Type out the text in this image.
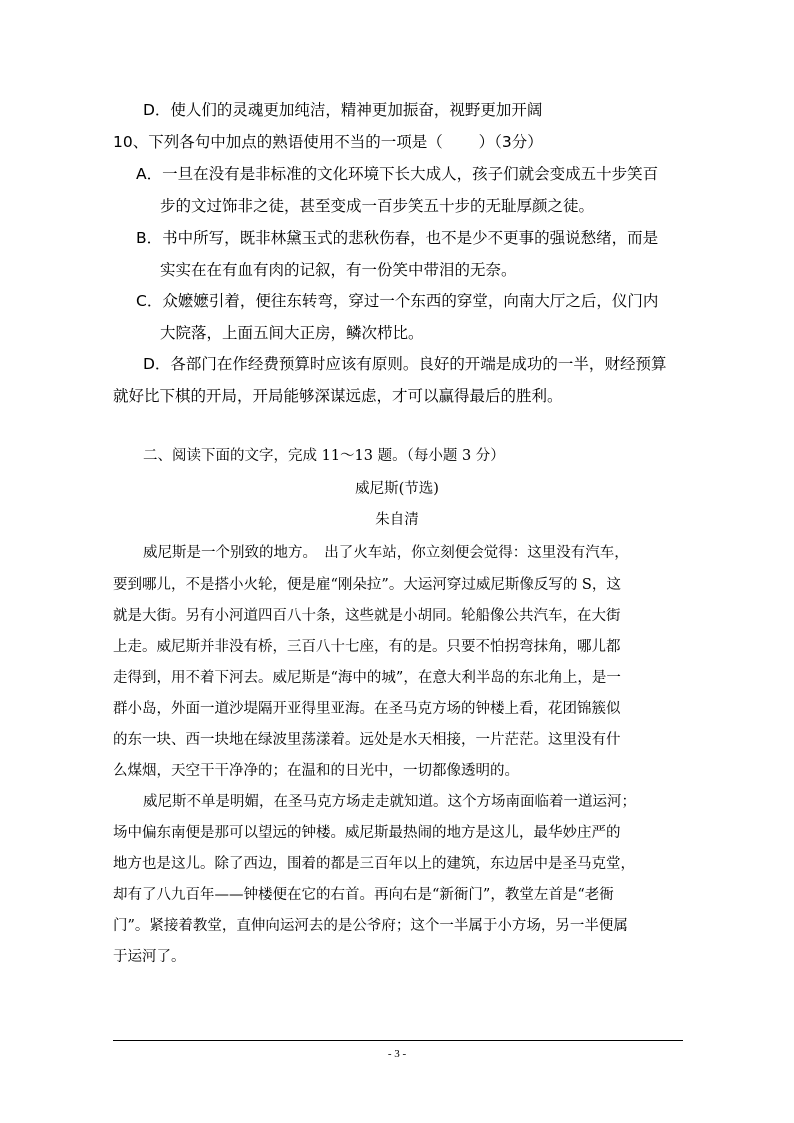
D．使人们的灵魂更加纯洁，精神更加振奋，视野更加开阔
10、下列各句中加点的熟语使用不当的一项是（ 　　）（3分）
A．一旦在没有是非标准的文化环境下长大成人，孩子们就会变成五十步笑百
步的文过饰非之徒，甚至变成一百步笑五十步的无耻厚颜之徒。
B．书中所写，既非林黛玉式的悲秋伤春，也不是少不更事的强说愁绪，而是
实实在在有血有肉的记叙，有一份笑中带泪的无奈。
C．众嬷嬷引着，便往东转弯，穿过一个东西的穿堂，向南大厅之后，仪门内
大院落，上面五间大正房，鳞次栉比。
D．各部门在作经费预算时应该有原则。良好的开端是成功的一半，财经预算
就好比下棋的开局，开局能够深谋远虑，才可以赢得最后的胜利。
二、阅读下面的文字，完成 11～13 题。（每小题 3 分）
威尼斯(节选)
朱自清
威尼斯是一个别致的地方。　出了火车站，你立刻便会觉得：这里没有汽车，
要到哪儿，不是搭小火轮，便是雇“刚朵拉”。大运河穿过威尼斯像反写的 S，这
就是大街。另有小河道四百八十条，这些就是小胡同。轮船像公共汽车，在大街
上走。威尼斯并非没有桥，三百八十七座，有的是。只要不怕拐弯抹角，哪儿都
走得到，用不着下河去。威尼斯是“海中的城”，在意大利半岛的东北角上，是一
群小岛，外面一道沙堤隔开亚得里亚海。在圣马克方场的钟楼上看，花团锦簇似
的东一块、西一块地在绿波里荡漾着。远处是水天相接，一片茫茫。这里没有什
么煤烟，天空干干净净的；在温和的日光中，一切都像透明的。
威尼斯不单是明媚，在圣马克方场走走就知道。这个方场南面临着一道运河；
场中偏东南便是那可以望远的钟楼。威尼斯最热闹的地方是这儿，最华妙庄严的
地方也是这儿。除了西边，围着的都是三百年以上的建筑，东边居中是圣马克堂，
却有了八九百年——钟楼便在它的右首。再向右是“新衙门”，教堂左首是“老衙
门”。紧接着教堂，直伸向运河去的是公爷府；这个一半属于小方场，另一半便属
于运河了。
- 3 -
